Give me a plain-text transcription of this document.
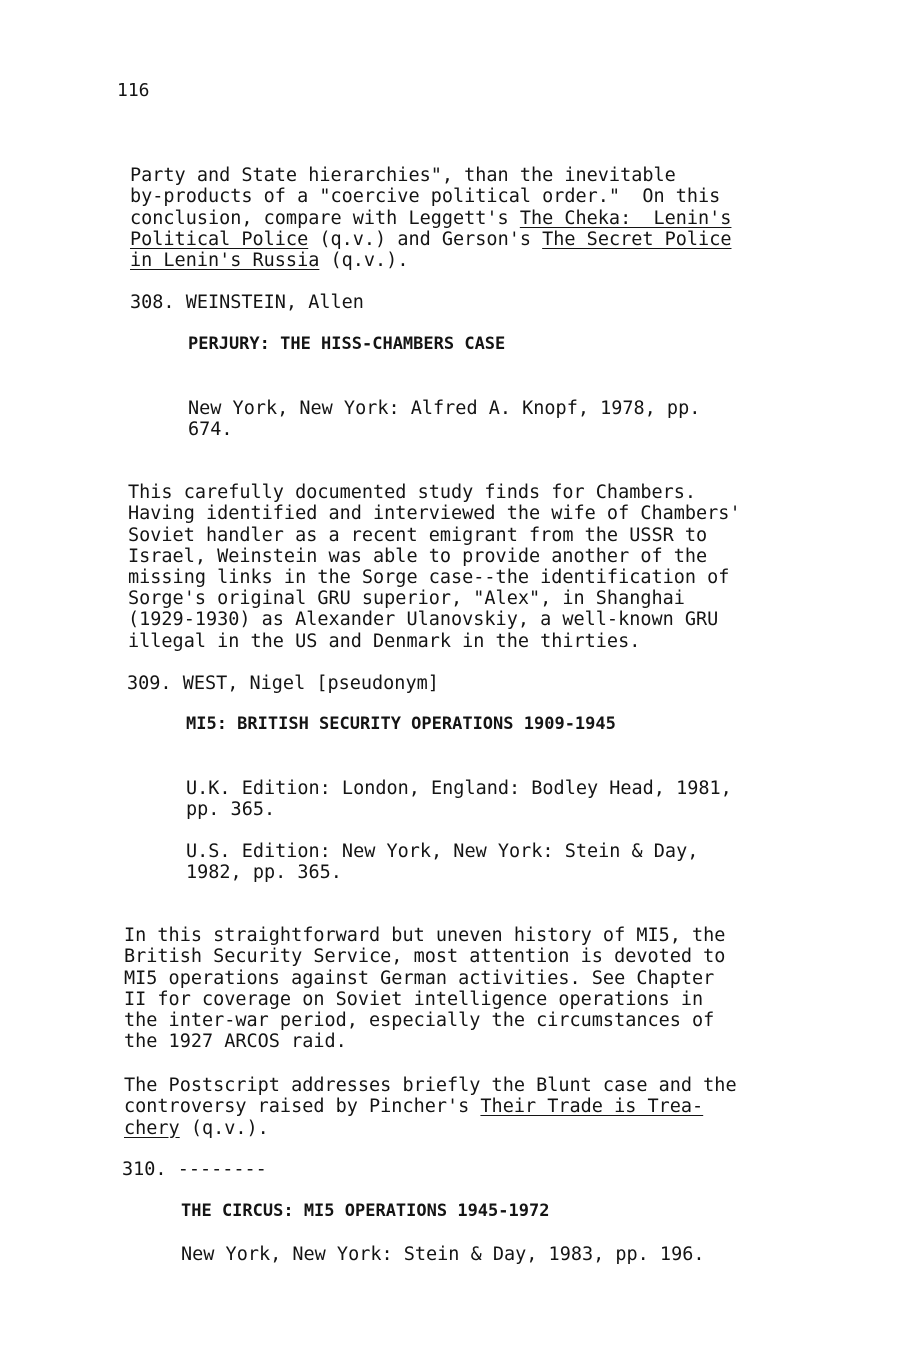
116

Party and State hierarchies", than the inevitable
by-products of a "coercive political order."  On this
conclusion, compare with Leggett's The Cheka:  Lenin's
Political Police (q.v.) and Gerson's The Secret Police
in Lenin's Russia (q.v.).
308. WEINSTEIN, Allen
PERJURY: THE HISS-CHAMBERS CASE

New York, New York: Alfred A. Knopf, 1978, pp.
674.

This carefully documented study finds for Chambers.
Having identified and interviewed the wife of Chambers'
Soviet handler as a recent emigrant from the USSR to
Israel, Weinstein was able to provide another of the
missing links in the Sorge case--the identification of
Sorge's original GRU superior, "Alex", in Shanghai
(1929-1930) as Alexander Ulanovskiy, a well-known GRU
illegal in the US and Denmark in the thirties.
309. WEST, Nigel [pseudonym]
MI5: BRITISH SECURITY OPERATIONS 1909-1945

U.K. Edition: London, England: Bodley Head, 1981,
pp. 365.

U.S. Edition: New York, New York: Stein & Day,
1982, pp. 365.

In this straightforward but uneven history of MI5, the
British Security Service, most attention is devoted to
MI5 operations against German activities. See Chapter
II for coverage on Soviet intelligence operations in
the inter-war period, especially the circumstances of
the 1927 ARCOS raid.

The Postscript addresses briefly the Blunt case and the
controversy raised by Pincher's Their Trade is Trea-
chery (q.v.).
310. --------
THE CIRCUS: MI5 OPERATIONS 1945-1972
New York, New York: Stein & Day, 1983, pp. 196.
